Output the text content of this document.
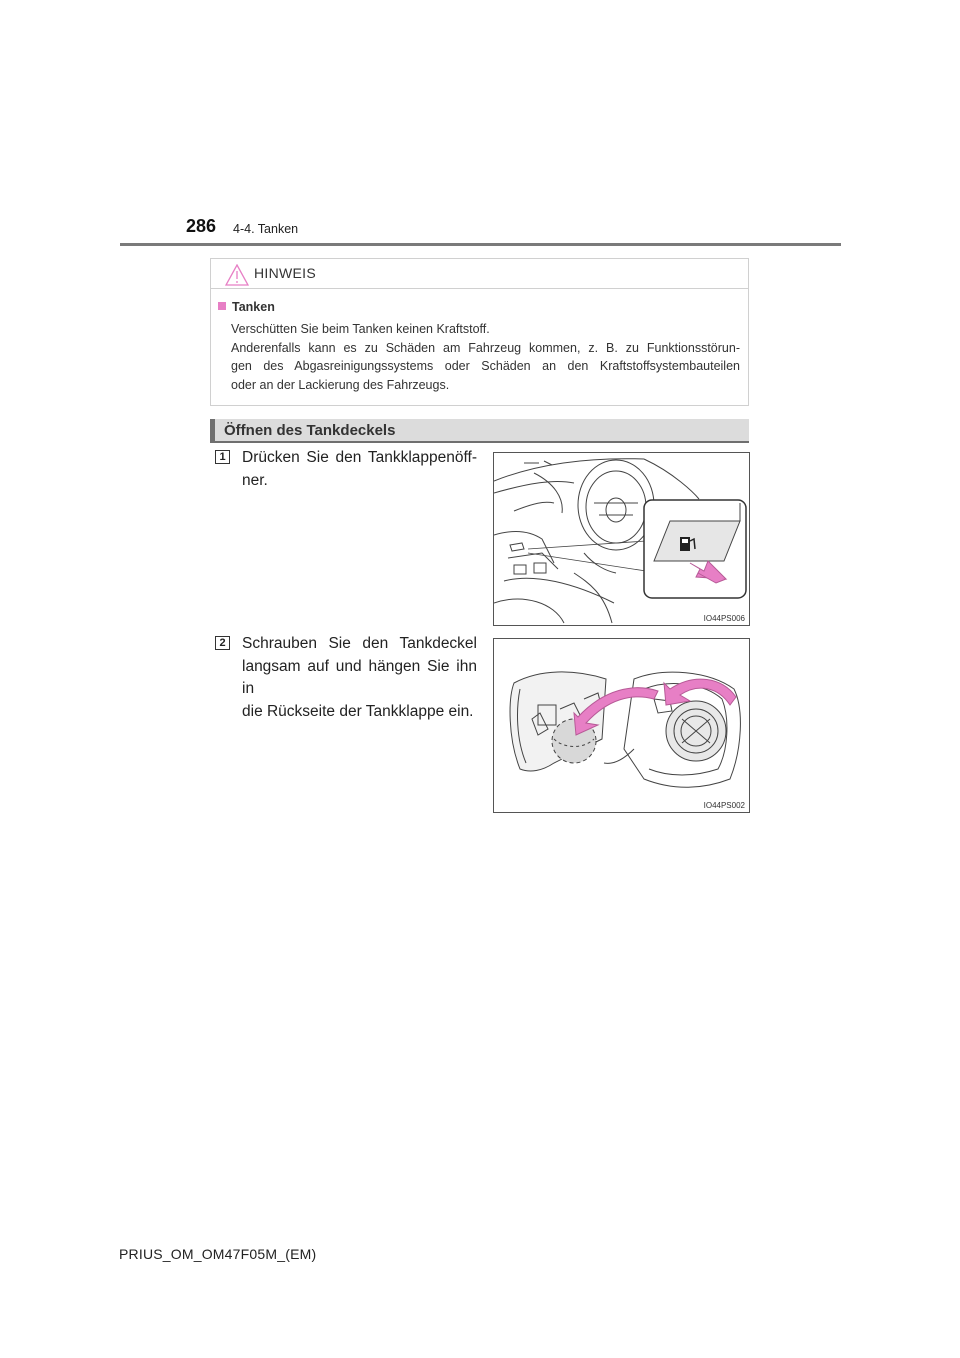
286 4-4. Tanken
HINWEIS
Tanken

Verschütten Sie beim Tanken keinen Kraftstoff.

Anderenfalls kann es zu Schäden am Fahrzeug kommen, z. B. zu Funktionsstörun-

gen des Abgasreinigungssystems oder Schäden an den Kraftstoffsystembauteilen

oder an der Lackierung des Fahrzeugs.

Öffnen des Tankdeckels
1 Drücken Sie den Tankklappenöff-

ner.

IO44PS006
2 Schrauben Sie den Tankdeckel

langsam auf und hängen Sie ihn in

die Rückseite der Tankklappe ein.

IO44PS002
PRIUS_OM_OM47F05M_(EM)
